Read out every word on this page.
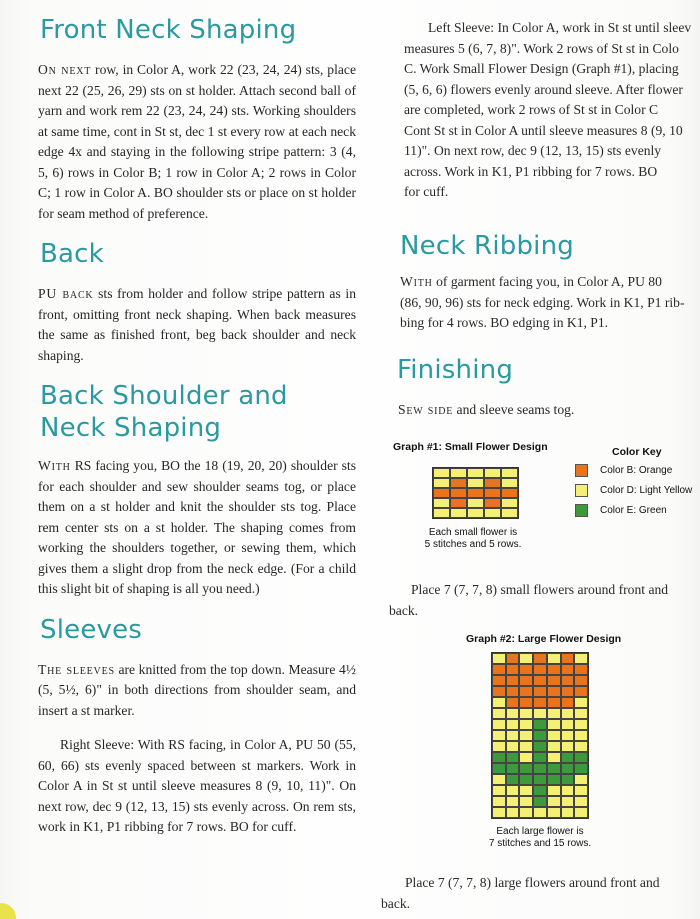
Front Neck Shaping

On next row, in Color A, work 22 (23, 24, 24) sts, place next 22 (25, 26, 29) sts on st holder. Attach second ball of yarn and work rem 22 (23, 24, 24) sts. Working shoulders at same time, cont in St st, dec 1 st every row at each neck edge 4x and staying in the following stripe pattern: 3 (4, 5, 6) rows in Color B; 1 row in Color A; 2 rows in Color C; 1 row in Color A. BO shoulder sts or place on st holder for seam method of preference.

Back

PU back sts from holder and follow stripe pattern as in front, omitting front neck shaping. When back measures the same as finished front, beg back shoulder and neck shaping.

Back Shoulder and
Neck Shaping

With RS facing you, BO the 18 (19, 20, 20) shoulder sts for each shoulder and sew shoulder seams tog, or place them on a st holder and knit the shoulder sts tog. Place rem center sts on a st holder. The shaping comes from working the shoulders together, or sewing them, which gives them a slight drop from the neck edge. (For a child this slight bit of shaping is all you need.)

Sleeves

The sleeves are knitted from the top down. Measure 4½ (5, 5½, 6)" in both directions from shoulder seam, and insert a st marker.

Right Sleeve: With RS facing, in Color A, PU 50 (55, 60, 66) sts evenly spaced between st markers. Work in Color A in St st until sleeve measures 8 (9, 10, 11)". On next row, dec 9 (12, 13, 15) sts evenly across. On rem sts, work in K1, P1 ribbing for 7 rows. BO for cuff.

Left Sleeve: In Color A, work in St st until sleev
measures 5 (6, 7, 8)". Work 2 rows of St st in Colo
C. Work Small Flower Design (Graph #1), placing
(5, 6, 6) flowers evenly around sleeve. After flower
are completed, work 2 rows of St st in Color C
Cont St st in Color A until sleeve measures 8 (9, 10
11)". On next row, dec 9 (12, 13, 15) sts evenly
across. Work in K1, P1 ribbing for 7 rows. BO
for cuff.
Neck Ribbing
With of garment facing you, in Color A, PU 80
(86, 90, 96) sts for neck edging. Work in K1, P1 rib-
bing for 4 rows. BO edging in K1, P1.
Finishing

Sew side and sleeve seams tog.

Graph #1: Small Flower Design
Each small flower is
5 stitches and 5 rows.
Color Key
Color B: Orange
Color D: Light Yellow
Color E: Green
Place 7 (7, 7, 8) small flowers around front and
back.
Graph #2: Large Flower Design
Each large flower is
7 stitches and 15 rows.
Place 7 (7, 7, 8) large flowers around front and
back.
